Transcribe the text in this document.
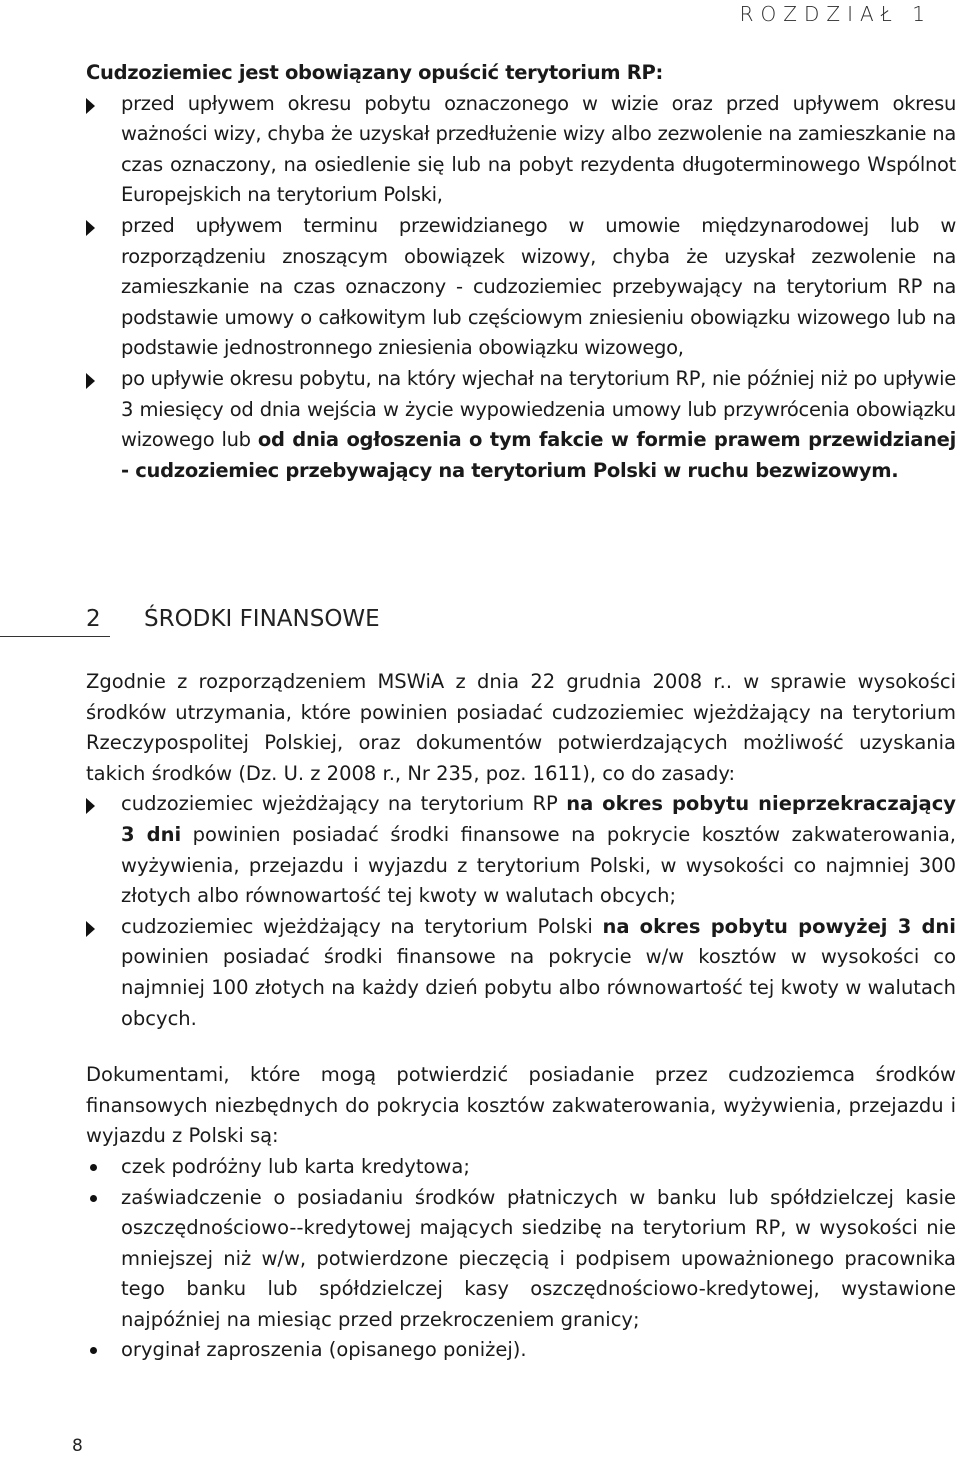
ROZDZIAŁ 1

Cudzoziemiec jest obowiązany opuścić terytorium RP:

przed upływem okresu pobytu oznaczonego w wizie oraz przed upływem okresu ważności wizy, chyba że uzyskał przedłużenie wizy albo zezwolenie na zamieszkanie na czas oznaczony, na osiedlenie się lub na pobyt rezydenta długoterminowego Wspólnot Europejskich na terytorium Polski,
przed upływem terminu przewidzianego w umowie międzynarodowej lub w rozporządzeniu znoszącym obowiązek wizowy, chyba że uzyskał zezwolenie na zamieszkanie na czas oznaczony - cudzoziemiec przebywający na terytorium RP na podstawie umowy o całkowitym lub częściowym zniesieniu obowiązku wizowego lub na podstawie jednostronnego zniesienia obowiązku wizowego,
po upływie okresu pobytu, na który wjechał na terytorium RP, nie później niż po upływie 3 miesięcy od dnia wejścia w życie wypowiedzenia umowy lub przywrócenia obowiązku wizowego lub od dnia ogłoszenia o tym fakcie w formie prawem przewidzianej - cudzoziemiec przebywający na terytorium Polski w ruchu bezwizowym.
2 ŚRODKI FINANSOWE

Zgodnie z rozporządzeniem MSWiA z dnia 22 grudnia 2008 r.. w sprawie wysokości środków utrzymania, które powinien posiadać cudzoziemiec wjeżdżający na terytorium Rzeczypospolitej Polskiej, oraz dokumentów potwierdzających możliwość uzyskania takich środków (Dz. U. z 2008 r., Nr 235, poz. 1611), co do zasady:

cudzoziemiec wjeżdżający na terytorium RP na okres pobytu nieprzekraczający 3 dni powinien posiadać środki finansowe na pokrycie kosztów zakwaterowania, wyżywienia, przejazdu i wyjazdu z terytorium Polski, w wysokości co najmniej 300 złotych albo równowartość tej kwoty w walutach obcych;
cudzoziemiec wjeżdżający na terytorium Polski na okres pobytu powyżej 3 dni powinien posiadać środki finansowe na pokrycie w/w kosztów w wysokości co najmniej 100 złotych na każdy dzień pobytu albo równowartość tej kwoty w walutach obcych.

Dokumentami, które mogą potwierdzić posiadanie przez cudzoziemca środków finansowych niezbędnych do pokrycia kosztów zakwaterowania, wyżywienia, przejazdu i wyjazdu z Polski są:

czek podróżny lub karta kredytowa;
zaświadczenie o posiadaniu środków płatniczych w banku lub spółdzielczej kasie oszczędnościowo--kredytowej mających siedzibę na terytorium RP, w wysokości nie mniejszej niż w/w, potwierdzone pieczęcią i podpisem upoważnionego pracownika tego banku lub spółdzielczej kasy oszczędnościowo-kredytowej, wystawione najpóźniej na miesiąc przed przekroczeniem granicy;
oryginał zaproszenia (opisanego poniżej).
8
